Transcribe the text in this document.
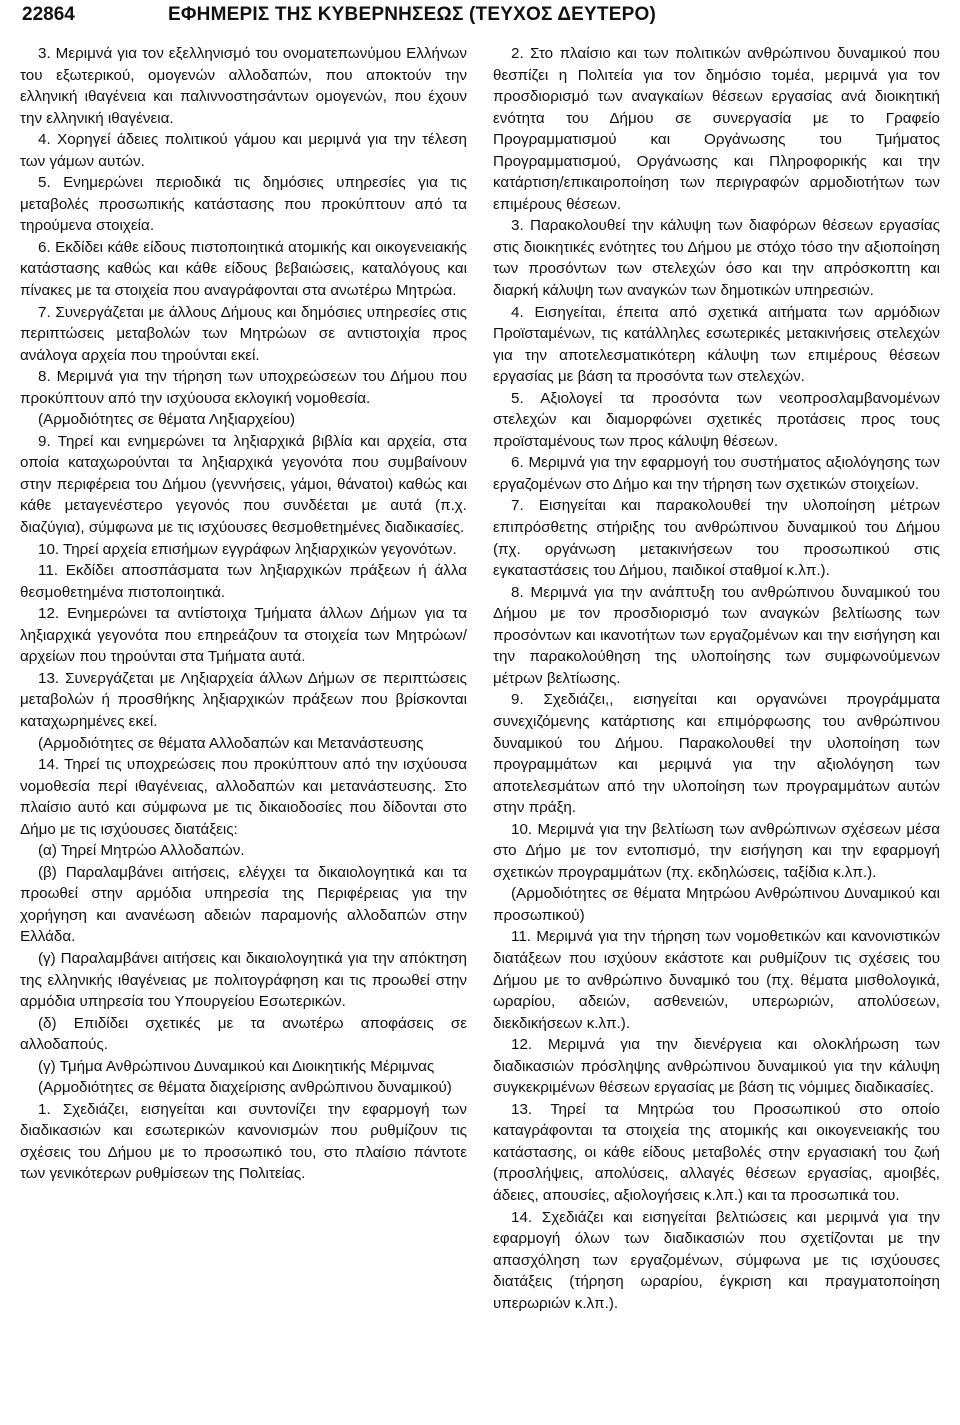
22864	ΕΦΗΜΕΡΙΣ ΤΗΣ ΚΥΒΕΡΝΗΣΕΩΣ (ΤΕΥΧΟΣ ΔΕΥΤΕΡΟ)

3. Μεριμνά για τον εξελληνισμό του ονοματεπωνύμου Ελλήνων του εξωτερικού, ομογενών αλλοδαπών, που αποκτούν την ελληνική ιθαγένεια και παλιννοστησάντων ομογενών, που έχουν την ελληνική ιθαγένεια.

4. Χορηγεί άδειες πολιτικού γάμου και μεριμνά για την τέλεση των γάμων αυτών.

5. Ενημερώνει περιοδικά τις δημόσιες υπηρεσίες για τις μεταβολές προσωπικής κατάστασης που προκύπτουν από τα τηρούμενα στοιχεία.

6. Εκδίδει κάθε είδους πιστοποιητικά ατομικής και οικογενειακής κατάστασης καθώς και κάθε είδους βεβαιώσεις, καταλόγους και πίνακες με τα στοιχεία που αναγράφονται στα ανωτέρω Μητρώα.

7. Συνεργάζεται με άλλους Δήμους και δημόσιες υπηρεσίες στις περιπτώσεις μεταβολών των Μητρώων σε αντιστοιχία προς ανάλογα αρχεία που τηρούνται εκεί.

8. Μεριμνά για την τήρηση των υποχρεώσεων του Δήμου που προκύπτουν από την ισχύουσα εκλογική νομοθεσία.

(Αρμοδιότητες σε θέματα Ληξιαρχείου)

9. Τηρεί και ενημερώνει τα ληξιαρχικά βιβλία και αρχεία, στα οποία καταχωρούνται τα ληξιαρχικά γεγονότα που συμβαίνουν στην περιφέρεια του Δήμου (γεννήσεις, γάμοι, θάνατοι) καθώς και κάθε μεταγενέστερο γεγονός που συνδέεται με αυτά (π.χ. διαζύγια), σύμφωνα με τις ισχύουσες θεσμοθετημένες διαδικασίες.

10. Τηρεί αρχεία επισήμων εγγράφων ληξιαρχικών γεγονότων.

11. Εκδίδει αποσπάσματα των ληξιαρχικών πράξεων ή άλλα θεσμοθετημένα πιστοποιητικά.

12. Ενημερώνει τα αντίστοιχα Τμήματα άλλων Δήμων για τα ληξιαρχικά γεγονότα που επηρεάζουν τα στοιχεία των Μητρώων/αρχείων που τηρούνται στα Τμήματα αυτά.

13. Συνεργάζεται με Ληξιαρχεία άλλων Δήμων σε περιπτώσεις μεταβολών ή προσθήκης ληξιαρχικών πράξεων που βρίσκονται καταχωρημένες εκεί.

(Αρμοδιότητες σε θέματα Αλλοδαπών και Μετανάστευσης

14. Τηρεί τις υποχρεώσεις που προκύπτουν από την ισχύουσα νομοθεσία περί ιθαγένειας, αλλοδαπών και μετανάστευσης. Στο πλαίσιο αυτό και σύμφωνα με τις δικαιοδοσίες που δίδονται στο Δήμο με τις ισχύουσες διατάξεις:

(α) Τηρεί Μητρώο Αλλοδαπών.

(β) Παραλαμβάνει αιτήσεις, ελέγχει τα δικαιολογητικά και τα προωθεί στην αρμόδια υπηρεσία της Περιφέρειας για την χορήγηση και ανανέωση αδειών παραμονής αλλοδαπών στην Ελλάδα.

(γ) Παραλαμβάνει αιτήσεις και δικαιολογητικά για την απόκτηση της ελληνικής ιθαγένειας με πολιτογράφηση και τις προωθεί στην αρμόδια υπηρεσία του Υπουργείου Εσωτερικών.

(δ) Επιδίδει σχετικές με τα ανωτέρω αποφάσεις σε αλλοδαπούς.

(γ) Τμήμα Ανθρώπινου Δυναμικού και Διοικητικής Μέριμνας

(Αρμοδιότητες σε θέματα διαχείρισης ανθρώπινου δυναμικού)

1. Σχεδιάζει, εισηγείται και συντονίζει την εφαρμογή των διαδικασιών και εσωτερικών κανονισμών που ρυθμίζουν τις σχέσεις του Δήμου με το προσωπικό του, στο πλαίσιο πάντοτε των γενικότερων ρυθμίσεων της Πολιτείας.

2. Στο πλαίσιο και των πολιτικών ανθρώπινου δυναμικού που θεσπίζει η Πολιτεία για τον δημόσιο τομέα, μεριμνά για τον προσδιορισμό των αναγκαίων θέσεων εργασίας ανά διοικητική ενότητα του Δήμου σε συνεργασία με το Γραφείο Προγραμματισμού και Οργάνωσης του Τμήματος Προγραμματισμού, Οργάνωσης και Πληροφορικής και την κατάρτιση/επικαιροποίηση των περιγραφών αρμοδιοτήτων των επιμέρους θέσεων.

3. Παρακολουθεί την κάλυψη των διαφόρων θέσεων εργασίας στις διοικητικές ενότητες του Δήμου με στόχο τόσο την αξιοποίηση των προσόντων των στελεχών όσο και την απρόσκοπτη και διαρκή κάλυψη των αναγκών των δημοτικών υπηρεσιών.

4. Εισηγείται, έπειτα από σχετικά αιτήματα των αρμόδιων Προϊσταμένων, τις κατάλληλες εσωτερικές μετακινήσεις στελεχών για την αποτελεσματικότερη κάλυψη των επιμέρους θέσεων εργασίας με βάση τα προσόντα των στελεχών.

5. Αξιολογεί τα προσόντα των νεοπροσλαμβανομένων στελεχών και διαμορφώνει σχετικές προτάσεις προς τους προϊσταμένους των προς κάλυψη θέσεων.

6. Μεριμνά για την εφαρμογή του συστήματος αξιολόγησης των εργαζομένων στο Δήμο και την τήρηση των σχετικών στοιχείων.

7. Εισηγείται και παρακολουθεί την υλοποίηση μέτρων επιπρόσθετης στήριξης του ανθρώπινου δυναμικού του Δήμου (πχ. οργάνωση μετακινήσεων του προσωπικού στις εγκαταστάσεις του Δήμου, παιδικοί σταθμοί κ.λπ.).

8. Μεριμνά για την ανάπτυξη του ανθρώπινου δυναμικού του Δήμου με τον προσδιορισμό των αναγκών βελτίωσης των προσόντων και ικανοτήτων των εργαζομένων και την εισήγηση και την παρακολούθηση της υλοποίησης των συμφωνούμενων μέτρων βελτίωσης.

9. Σχεδιάζει,, εισηγείται και οργανώνει προγράμματα συνεχιζόμενης κατάρτισης και επιμόρφωσης του ανθρώπινου δυναμικού του Δήμου. Παρακολουθεί την υλοποίηση των προγραμμάτων και μεριμνά για την αξιολόγηση των αποτελεσμάτων από την υλοποίηση των προγραμμάτων αυτών στην πράξη.

10. Μεριμνά για την βελτίωση των ανθρώπινων σχέσεων μέσα στο Δήμο με τον εντοπισμό, την εισήγηση και την εφαρμογή σχετικών προγραμμάτων (πχ. εκδηλώσεις, ταξίδια κ.λπ.).

(Αρμοδιότητες σε θέματα Μητρώου Ανθρώπινου Δυναμικού και προσωπικού)

11. Μεριμνά για την τήρηση των νομοθετικών και κανονιστικών διατάξεων που ισχύουν εκάστοτε και ρυθμίζουν τις σχέσεις του Δήμου με το ανθρώπινο δυναμικό του (πχ. θέματα μισθολογικά, ωραρίου, αδειών, ασθενειών, υπερωριών, απολύσεων, διεκδικήσεων κ.λπ.).

12. Μεριμνά για την διενέργεια και ολοκλήρωση των διαδικασιών πρόσληψης ανθρώπινου δυναμικού για την κάλυψη συγκεκριμένων θέσεων εργασίας με βάση τις νόμιμες διαδικασίες.

13. Τηρεί τα Μητρώα του Προσωπικού στο οποίο καταγράφονται τα στοιχεία της ατομικής και οικογενειακής του κατάστασης, οι κάθε είδους μεταβολές στην εργασιακή του ζωή (προσλήψεις, απολύσεις, αλλαγές θέσεων εργασίας, αμοιβές, άδειες, απουσίες, αξιολογήσεις κ.λπ.) και τα προσωπικά του.

14. Σχεδιάζει και εισηγείται βελτιώσεις και μεριμνά για την εφαρμογή όλων των διαδικασιών που σχετίζονται με την απασχόληση των εργαζομένων, σύμφωνα με τις ισχύουσες διατάξεις (τήρηση ωραρίου, έγκριση και πραγματοποίηση υπερωριών κ.λπ.).
